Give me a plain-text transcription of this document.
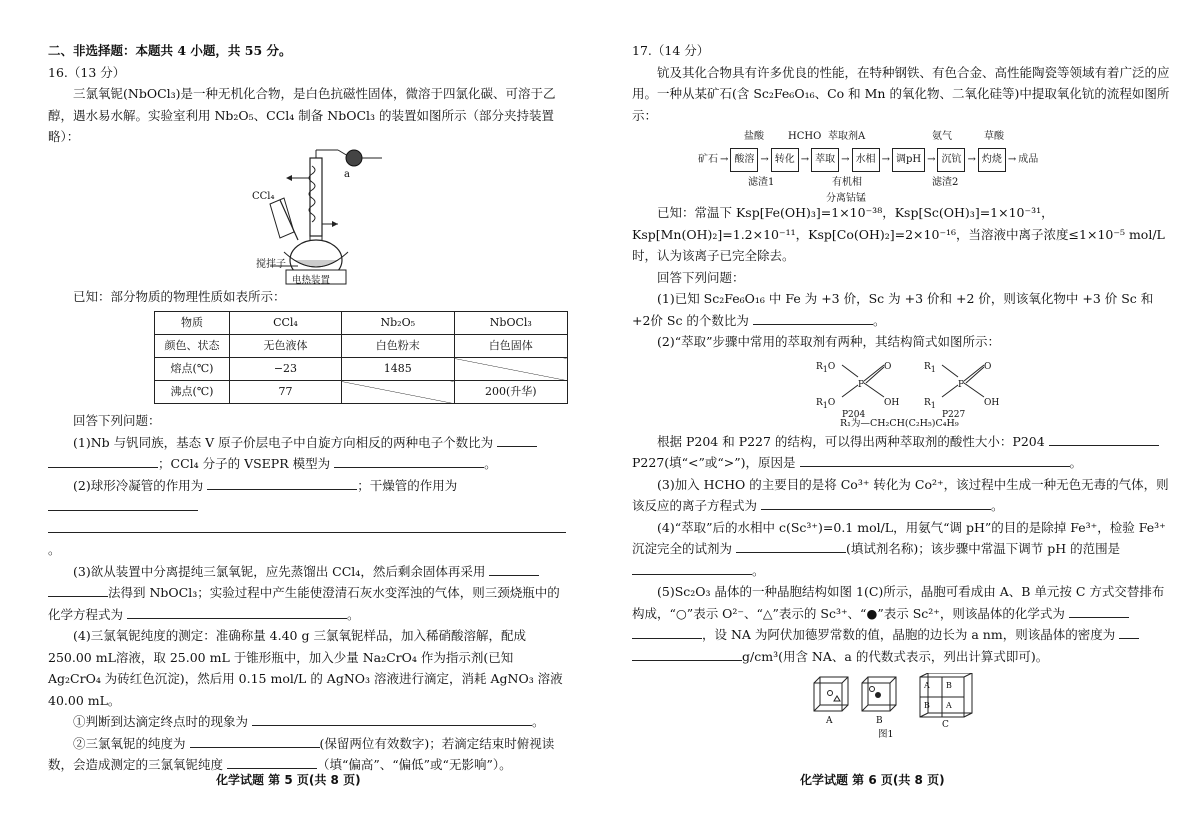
二、非选择题：本题共 4 小题，共 55 分。

16.（13 分）

三氯氧铌(NbOCl₃)是一种无机化合物，是白色抗磁性固体，微溶于四氯化碳、可溶于乙醇，遇水易水解。实验室利用 Nb₂O₅、CCl₄ 制备 NbOCl₃ 的装置如图所示（部分夹持装置略）：

a
CCl₄
搅拌子
电热装置

已知：部分物质的物理性质如表所示：

物质	CCl₄	Nb₂O₅	NbOCl₃
颜色、状态	无色液体	白色粉末	白色固体
熔点(℃)	−23	1485	
沸点(℃)	77		200(升华)

回答下列问题：

(1)Nb 与钒同族，基态 V 原子价层电子中自旋方向相反的两种电子个数比为  ；CCl₄ 分子的 VSEPR 模型为	。

(2)球形冷凝管的作用为	；干燥管的作用为  。

(3)欲从装置中分离提纯三氯氧铌，应先蒸馏出 CCl₄，然后剩余固体再采用  法得到 NbOCl₃；实验过程中产生能使澄清石灰水变浑浊的气体，则三颈烧瓶中的化学方程式为	。

(4)三氯氧铌纯度的测定：准确称量 4.40 g 三氯氧铌样品，加入稀硝酸溶解，配成 250.00 mL溶液，取 25.00 mL 于锥形瓶中，加入少量 Na₂CrO₄ 作为指示剂(已知 Ag₂CrO₄ 为砖红色沉淀)，然后用 0.15 mol/L 的 AgNO₃ 溶液进行滴定，消耗 AgNO₃ 溶液40.00 mL。

①判断到达滴定终点时的现象为	。

②三氯氧铌的纯度为	(保留两位有效数字)；若滴定结束时俯视读数，会造成测定的三氯氧铌纯度	（填“偏高”、“偏低”或“无影响”）。

化学试题 第 5 页(共 8 页)

17.（14 分）

钪及其化合物具有许多优良的性能，在特种钢铁、有色合金、高性能陶瓷等领域有着广泛的应用。一种从某矿石(含 Sc₂Fe₆O₁₆、Co 和 Mn 的氧化物、二氧化硅等)中提取氧化钪的流程如图所示：

盐酸 HCHO 萃取剂A	氨气	草酸
矿石 → 酸溶 → 转化 → 萃取 → 水相 → 调pH → 沉钪 → 灼烧 → 成品
滤渣1	有机相
分离钴锰
滤渣2

已知：常温下 Ksp[Fe(OH)₃]=1×10⁻³⁸，Ksp[Sc(OH)₃]=1×10⁻³¹，Ksp[Mn(OH)₂]=1.2×10⁻¹¹，Ksp[Co(OH)₂]=2×10⁻¹⁶，当溶液中离子浓度≤1×10⁻⁵ mol/L 时，认为该离子已完全除去。

回答下列问题：

(1)已知 Sc₂Fe₆O₁₆ 中 Fe 为 +3 价，Sc 为 +3 价和 +2 价，则该氧化物中 +3 价 Sc 和 +2价 Sc 的个数比为	。

(2)“萃取”步骤中常用的萃取剂有两种，其结构简式如图所示：

$R_1O$
$R_1O$
P
O
OH
$R_1$
$R_1$
P
O
OH
P204	P227

R₁为—CH₂CH(C₂H₅)C₄H₉

根据 P204 和 P227 的结构，可以得出两种萃取剂的酸性大小：P204  P227(填“<”或“>”)，原因是	。

(3)加入 HCHO 的主要目的是将 Co³⁺ 转化为 Co²⁺，该过程中生成一种无色无毒的气体，则该反应的离子方程式为	。

(4)“萃取”后的水相中 c(Sc³⁺)=0.1 mol/L，用氨气“调 pH”的目的是除掉 Fe³⁺，检验 Fe³⁺ 沉淀完全的试剂为	(填试剂名称)；该步骤中常温下调节 pH 的范围是 。

(5)Sc₂O₃ 晶体的一种晶胞结构如图 1(C)所示，晶胞可看成由 A、B 单元按 C 方式交替排布构成，“○”表示 O²⁻、“△”表示的 Sc³⁺、“●”表示 Sc²⁺，则该晶体的化学式为  ，设 NA 为阿伏加德罗常数的值，晶胞的边长为 a nm，则该晶体的密度为  g/cm³(用含 NA、a 的代数式表示，列出计算式即可)。

A	B	C
A B
B A

图1

化学试题 第 6 页(共 8 页)
